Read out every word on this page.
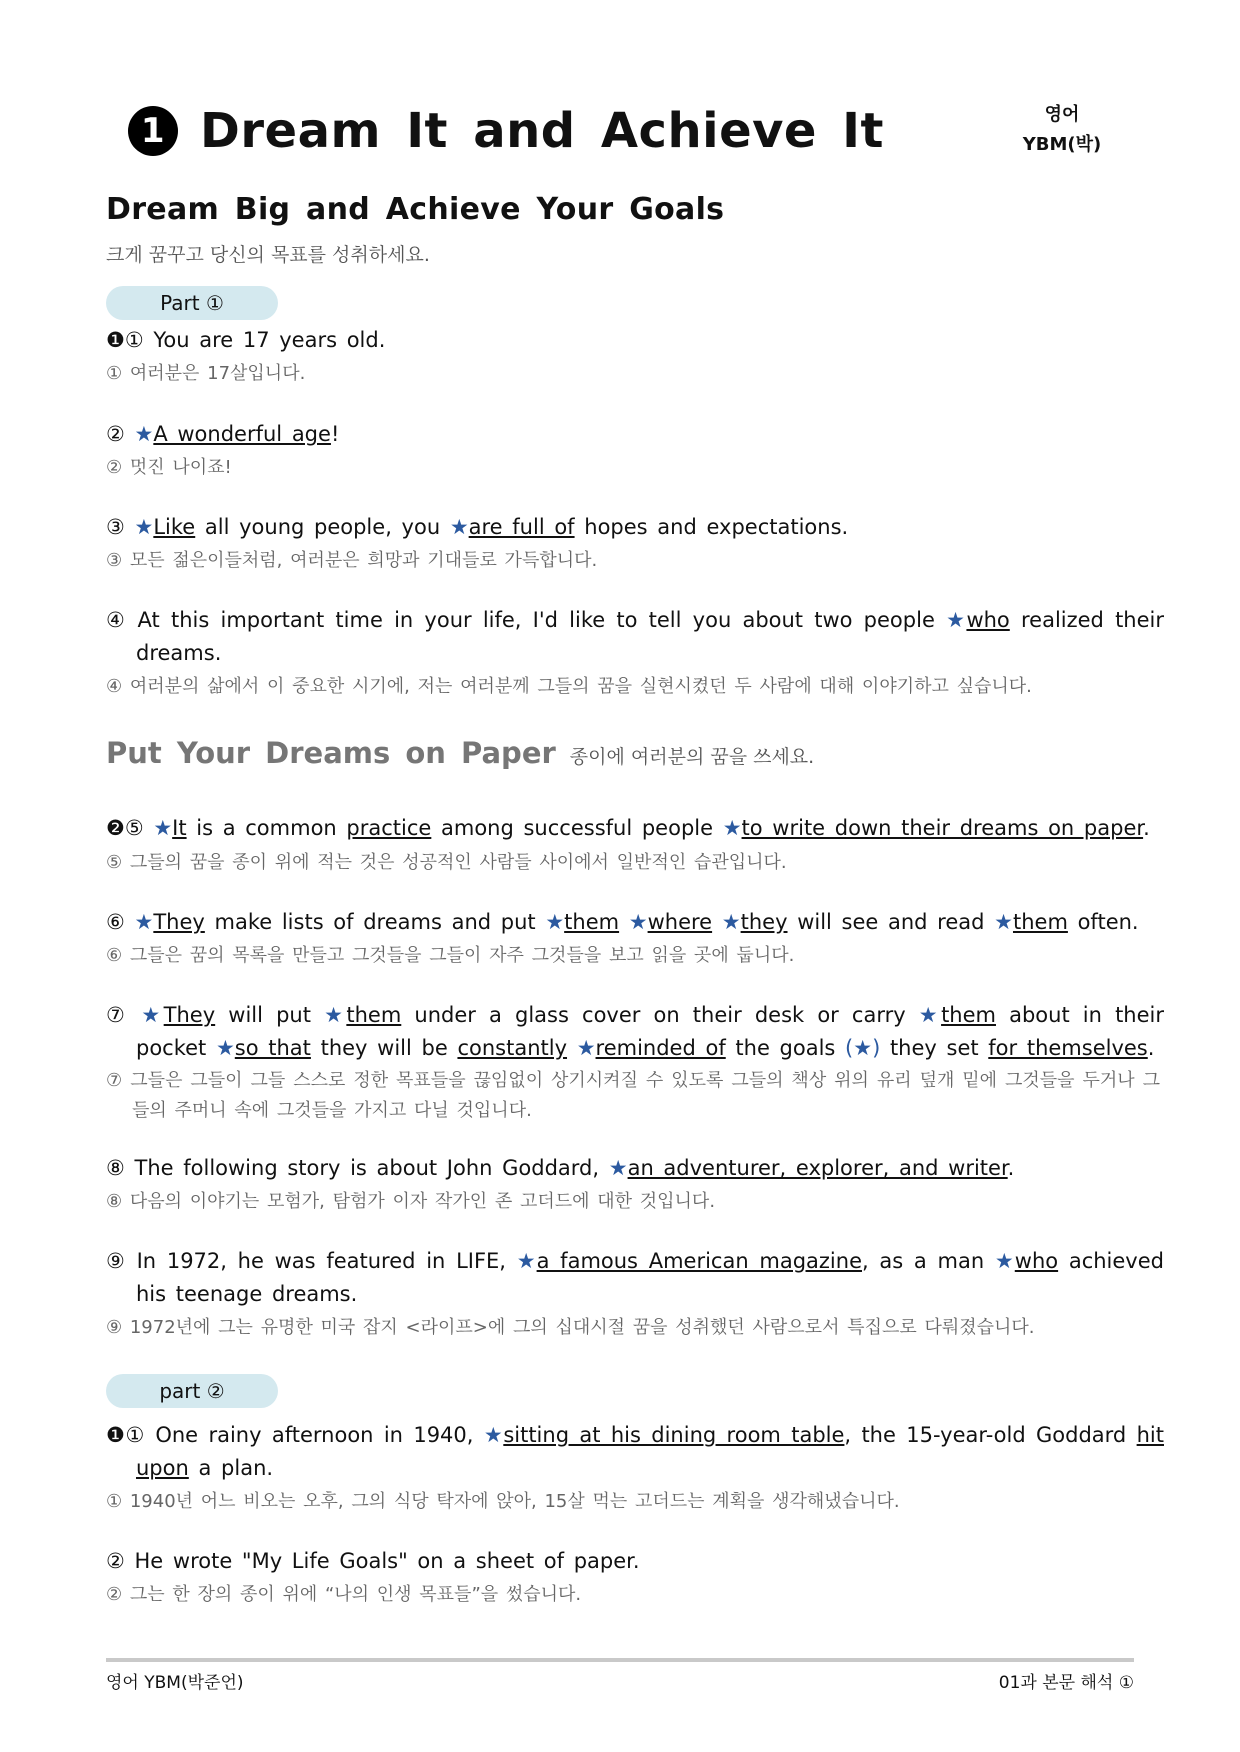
1 Dream It and Achieve It	영어
YBM(박)
Dream Big and Achieve Your Goals
크게 꿈꾸고 당신의 목표를 성취하세요.
Part ①
❶① You are 17 years old.
① 여러분은 17살입니다.
② ★A wonderful age!
② 멋진 나이죠!
③ ★Like all young people, you ★are full of hopes and expectations.
③ 모든 젊은이들처럼, 여러분은 희망과 기대들로 가득합니다.
④ At this important time in your life, I'd like to tell you about two people ★who realized their dreams.
④ 여러분의 삶에서 이 중요한 시기에, 저는 여러분께 그들의 꿈을 실현시켰던 두 사람에 대해 이야기하고 싶습니다.
Put Your Dreams on Paper 종이에 여러분의 꿈을 쓰세요.
❷⑤ ★It is a common practice among successful people ★to write down their dreams on paper.
⑤ 그들의 꿈을 종이 위에 적는 것은 성공적인 사람들 사이에서 일반적인 습관입니다.
⑥ ★They make lists of dreams and put ★them ★where ★they will see and read ★them often.
⑥ 그들은 꿈의 목록을 만들고 그것들을 그들이 자주 그것들을 보고 읽을 곳에 둡니다.
⑦ ★They will put ★them under a glass cover on their desk or carry ★them about in their pocket ★so that they will be constantly ★reminded of the goals (★) they set for themselves.
⑦ 그들은 그들이 그들 스스로 정한 목표들을 끊임없이 상기시켜질 수 있도록 그들의 책상 위의 유리 덮개 밑에 그것들을 두거나 그들의 주머니 속에 그것들을 가지고 다닐 것입니다.
⑧ The following story is about John Goddard, ★an adventurer, explorer, and writer.
⑧ 다음의 이야기는 모험가, 탐험가 이자 작가인 존 고더드에 대한 것입니다.
⑨ In 1972, he was featured in LIFE, ★a famous American magazine, as a man ★who achieved his teenage dreams.
⑨ 1972년에 그는 유명한 미국 잡지 <라이프>에 그의 십대시절 꿈을 성취했던 사람으로서 특집으로 다뤄졌습니다.
part ②
❶① One rainy afternoon in 1940, ★sitting at his dining room table, the 15-year-old Goddard hit upon a plan.
① 1940년 어느 비오는 오후, 그의 식당 탁자에 앉아, 15살 먹는 고더드는 계획을 생각해냈습니다.
② He wrote "My Life Goals" on a sheet of paper.
② 그는 한 장의 종이 위에 “나의 인생 목표들”을 썼습니다.
영어 YBM(박준언)	01과 본문 해석 ①
